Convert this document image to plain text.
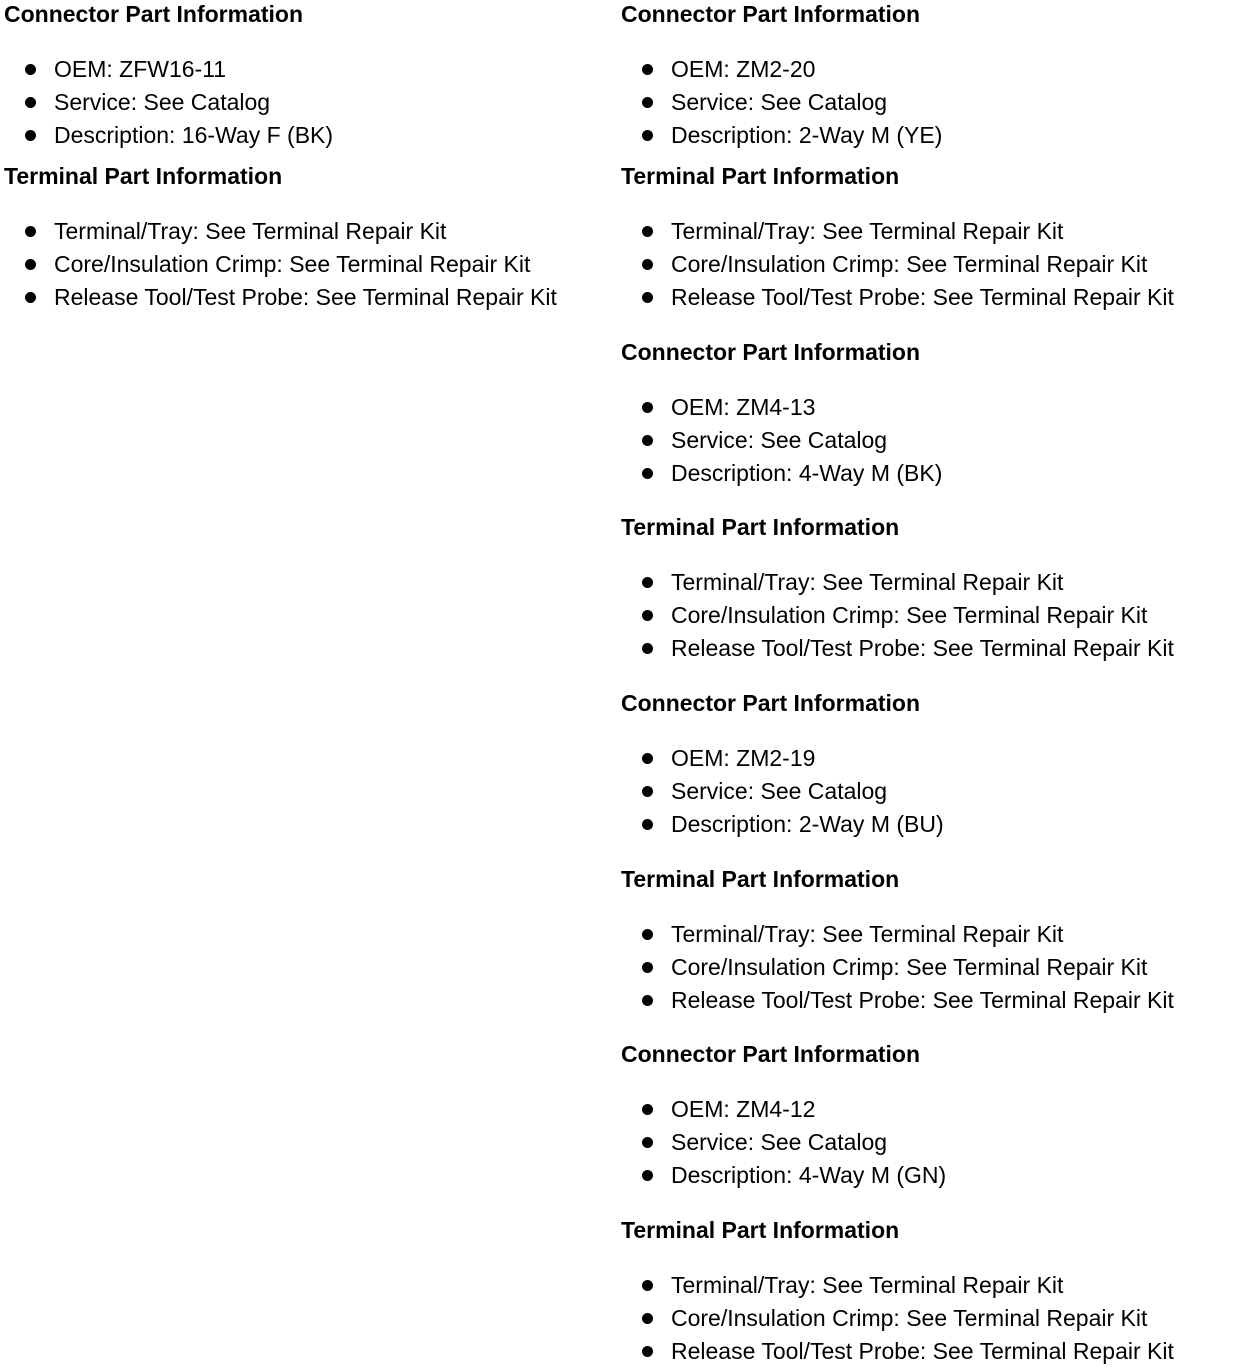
Connector Part Information
OEM: ZFW16-11
Service: See Catalog
Description: 16-Way F (BK)
Terminal Part Information
Terminal/Tray: See Terminal Repair Kit
Core/Insulation Crimp: See Terminal Repair Kit
Release Tool/Test Probe: See Terminal Repair Kit
Connector Part Information
OEM: ZM2-20
Service: See Catalog
Description: 2-Way M (YE)
Terminal Part Information
Terminal/Tray: See Terminal Repair Kit
Core/Insulation Crimp: See Terminal Repair Kit
Release Tool/Test Probe: See Terminal Repair Kit
Connector Part Information
OEM: ZM4-13
Service: See Catalog
Description: 4-Way M (BK)
Terminal Part Information
Terminal/Tray: See Terminal Repair Kit
Core/Insulation Crimp: See Terminal Repair Kit
Release Tool/Test Probe: See Terminal Repair Kit
Connector Part Information
OEM: ZM2-19
Service: See Catalog
Description: 2-Way M (BU)
Terminal Part Information
Terminal/Tray: See Terminal Repair Kit
Core/Insulation Crimp: See Terminal Repair Kit
Release Tool/Test Probe: See Terminal Repair Kit
Connector Part Information
OEM: ZM4-12
Service: See Catalog
Description: 4-Way M (GN)
Terminal Part Information
Terminal/Tray: See Terminal Repair Kit
Core/Insulation Crimp: See Terminal Repair Kit
Release Tool/Test Probe: See Terminal Repair Kit
